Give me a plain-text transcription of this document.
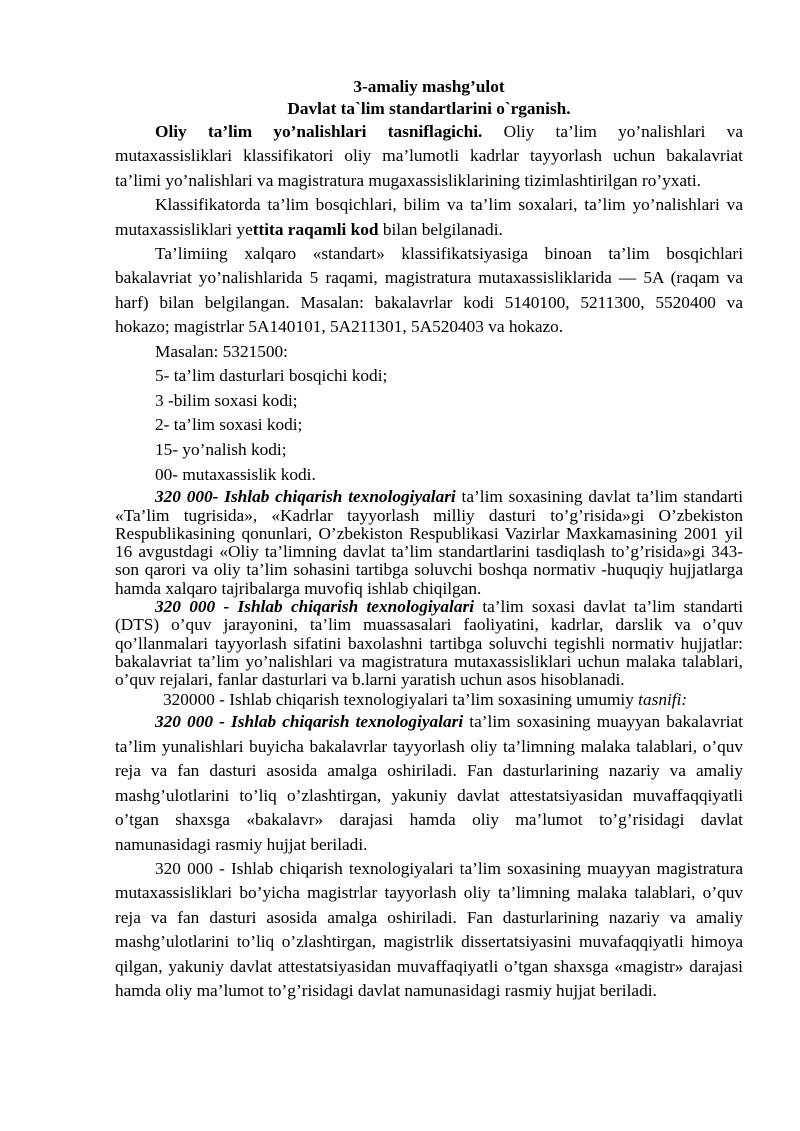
3-amaliy mashg’ulot
Davlat ta`lim standartlarini o`rganish.

Oliy ta’lim yo’nalishlari tasniflagichi. Oliy ta’lim yo’nalishlari va mutaxassisliklari klassifikatori oliy ma’lumotli kadrlar tayyorlash uchun bakalavriat ta’limi yo’nalishlari va magistratura mugaxassisliklarining tizimlashtirilgan ro’yxati.

Klassifikatorda ta’lim bosqichlari, bilim va ta’lim soxalari, ta’lim yo’nalishlari va mutaxassisliklari yettita raqamli kod bilan belgilanadi.

Ta’limiing xalqaro «standart» klassifikatsiyasiga binoan ta’lim bosqichlari bakalavriat yo’nalishlarida 5 raqami, magistratura mutaxassisliklarida — 5A (raqam va harf) bilan belgilangan. Masalan: bakalavrlar kodi 5140100, 5211300, 5520400 va hokazo; magistrlar 5A140101, 5A211301, 5A520403 va hokazo.

Masalan: 5321500:
5- ta’lim dasturlari bosqichi kodi;
3 -bilim soxasi kodi;
2- ta’lim soxasi kodi;
15- yo’nalish kodi;
00- mutaxassislik kodi.

320 000- Ishlab chiqarish texnologiyalari ta’lim soxasining davlat ta’lim standarti «Ta’lim tugrisida», «Kadrlar tayyorlash milliy dasturi to’g’risida»gi O’zbekiston Respublikasining qonunlari, O’zbekiston Respublikasi Vazirlar Maxkamasining 2001 yil 16 avgustdagi «Oliy ta’limning davlat ta’lim standartlarini tasdiqlash to’g’risida»gi 343-son qarori va oliy ta’lim sohasini tartibga soluvchi boshqa normativ -huquqiy hujjatlarga hamda xalqaro tajribalarga muvofiq ishlab chiqilgan.

320 000 - Ishlab chiqarish texnologiyalari ta’lim soxasi davlat ta’lim standarti (DTS) o’quv jarayonini, ta’lim muassasalari faoliyatini, kadrlar, darslik va o’quv qo’llanmalari tayyorlash sifatini baxolashni tartibga soluvchi tegishli normativ hujjatlar: bakalavriat ta’lim yo’nalishlari va magistratura mutaxassisliklari uchun malaka talablari, o’quv rejalari, fanlar dasturlari va b.larni yaratish uchun asos hisoblanadi.

320000 - Ishlab chiqarish texnologiyalari ta’lim soxasining umumiy tasnifi:

320 000 - Ishlab chiqarish texnologiyalari ta’lim soxasining muayyan bakalavriat ta’lim yunalishlari buyicha bakalavrlar tayyorlash oliy ta’limning malaka talablari, o’quv reja va fan dasturi asosida amalga oshiriladi. Fan dasturlarining nazariy va amaliy mashg’ulotlarini to’liq o’zlashtirgan, yakuniy davlat attestatsiyasidan muvaffaqqiyatli o’tgan shaxsga «bakalavr» darajasi hamda oliy ma’lumot to’g’risidagi davlat namunasidagi rasmiy hujjat beriladi.

320 000 - Ishlab chiqarish texnologiyalari ta’lim soxasining muayyan magistratura mutaxassisliklari bo’yicha magistrlar tayyorlash oliy ta’limning malaka talablari, o’quv reja va fan dasturi asosida amalga oshiriladi. Fan dasturlarining nazariy va amaliy mashg’ulotlarini to’liq o’zlashtirgan, magistrlik dissertatsiyasini muvafaqqiyatli himoya qilgan, yakuniy davlat attestatsiyasidan muvaffaqiyatli o’tgan shaxsga «magistr» darajasi hamda oliy ma’lumot to’g’risidagi davlat namunasidagi rasmiy hujjat beriladi.
